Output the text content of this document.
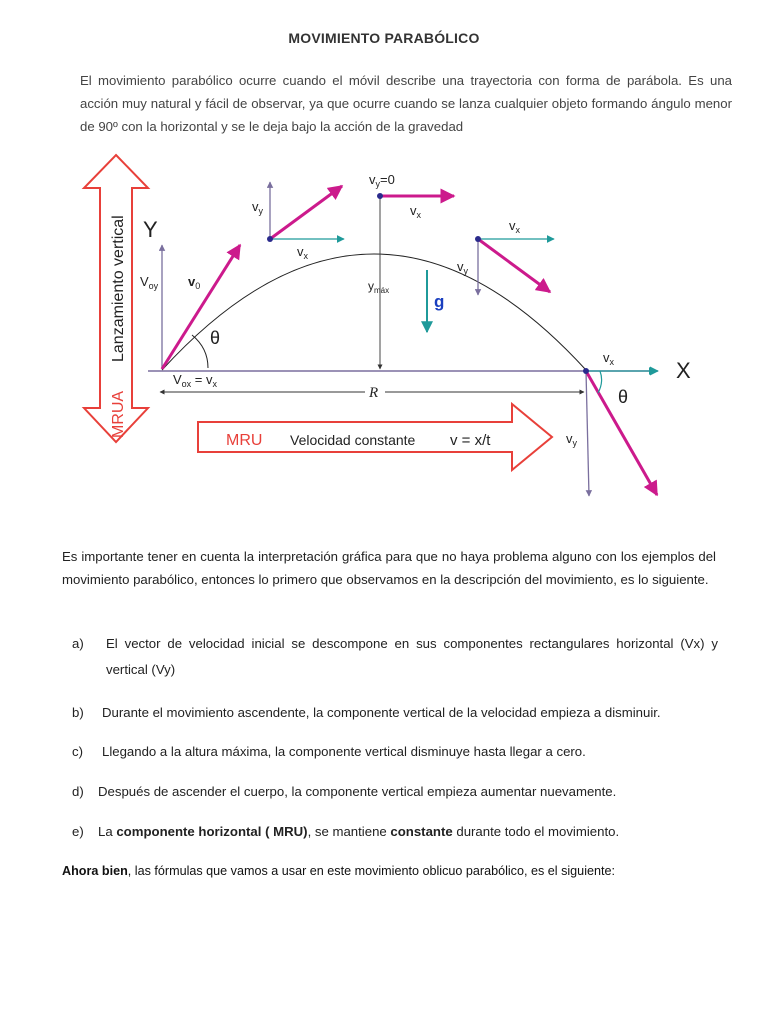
MOVIMIENTO PARABÓLICO
El movimiento parabólico ocurre cuando el móvil describe una trayectoria con forma de parábola. Es una acción muy natural y fácil de observar, ya que ocurre cuando se lanza cualquier objeto formando ángulo menor de 90º con la horizontal y se le deja bajo la acción de la gravedad
Lanzamiento vertical
MRUA
MRU Velocidad constante v = x/t
X
Y
$V_{oy}$ $v_0$
θ
$V_{ox} = v_x$
R
$v_y$
$v_x$
$v_y=0$
$v_x$
$y_{máx}$
g
$v_x$
$v_y$
θ
$v_x$
$v_y$
Es importante tener en cuenta la interpretación gráfica para que no haya problema alguno con los ejemplos del movimiento parabólico, entonces lo primero que observamos en la descripción del movimiento, es lo siguiente.
a) El vector de velocidad inicial se descompone en sus componentes rectangulares horizontal (Vx) y vertical (Vy)
b) Durante el movimiento ascendente, la componente vertical de la velocidad empieza a disminuir.
c) Llegando a la altura máxima, la componente vertical disminuye hasta llegar a cero.
d) Después de ascender el cuerpo, la componente vertical empieza aumentar nuevamente.
e) La componente horizontal ( MRU), se mantiene constante durante todo el movimiento.
Ahora bien, las fórmulas que vamos a usar en este movimiento oblicuo parabólico, es el siguiente:
